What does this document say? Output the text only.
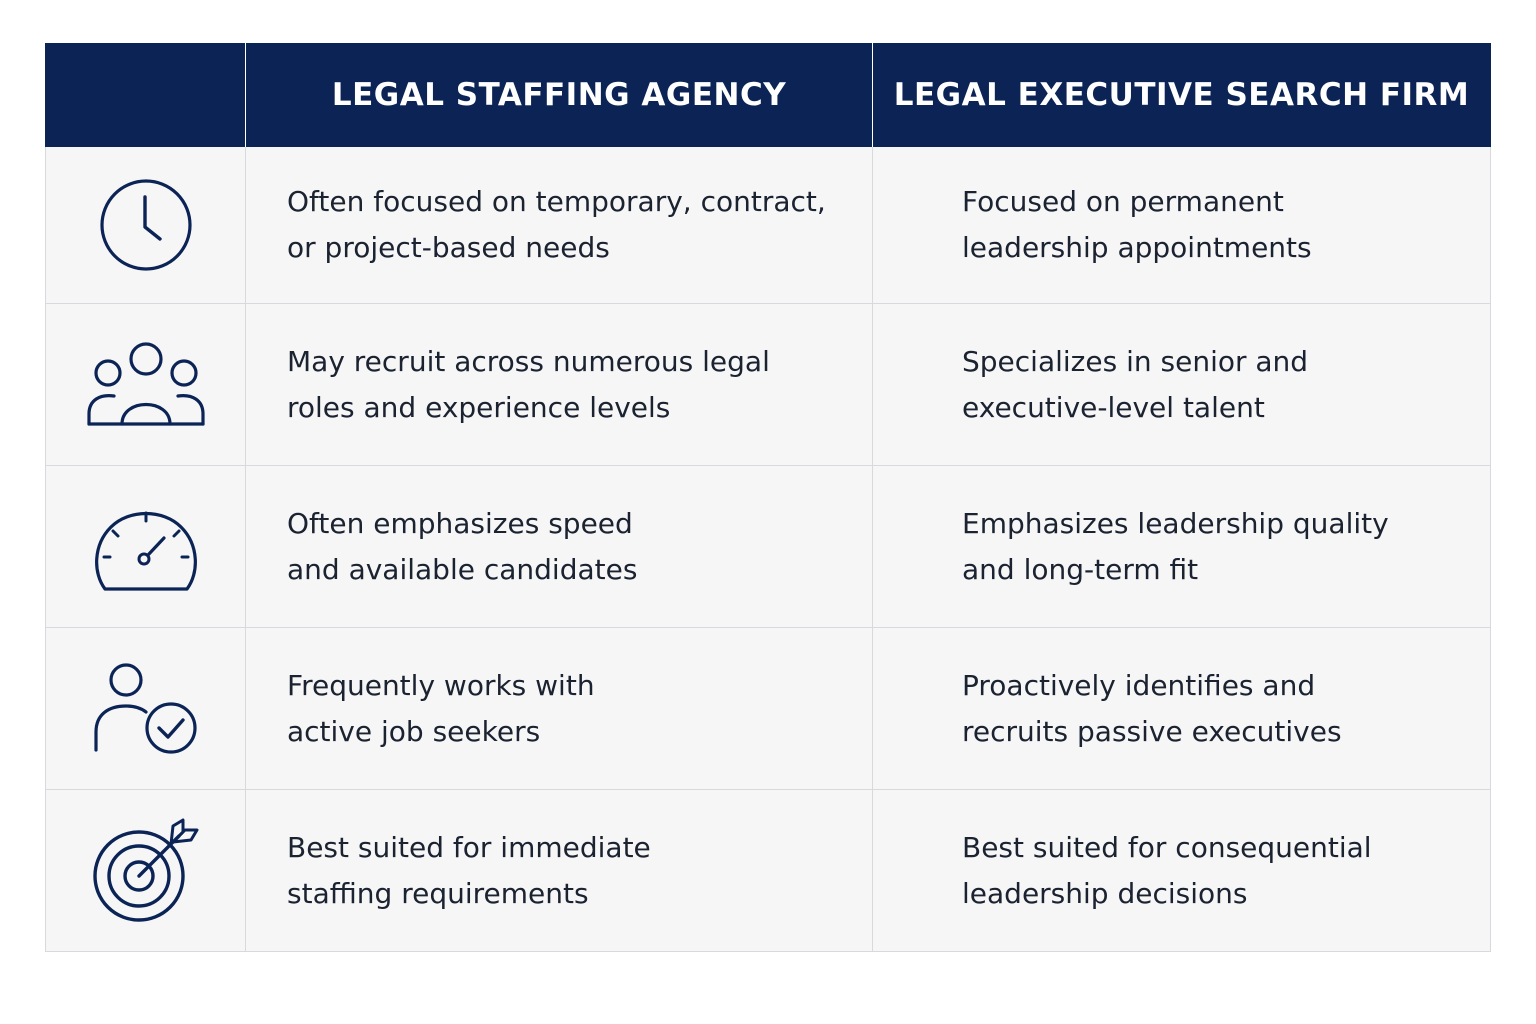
LEGAL STAFFING AGENCY	LEGAL EXECUTIVE SEARCH FIRM
Often focused on temporary, contract,
or project-based needs
Focused on permanent
leadership appointments
May recruit across numerous legal
roles and experience levels
Specializes in senior and
executive-level talent
Often emphasizes speed
and available candidates
Emphasizes leadership quality
and long-term fit
Frequently works with
active job seekers
Proactively identifies and
recruits passive executives
Best suited for immediate
staffing requirements
Best suited for consequential
leadership decisions
